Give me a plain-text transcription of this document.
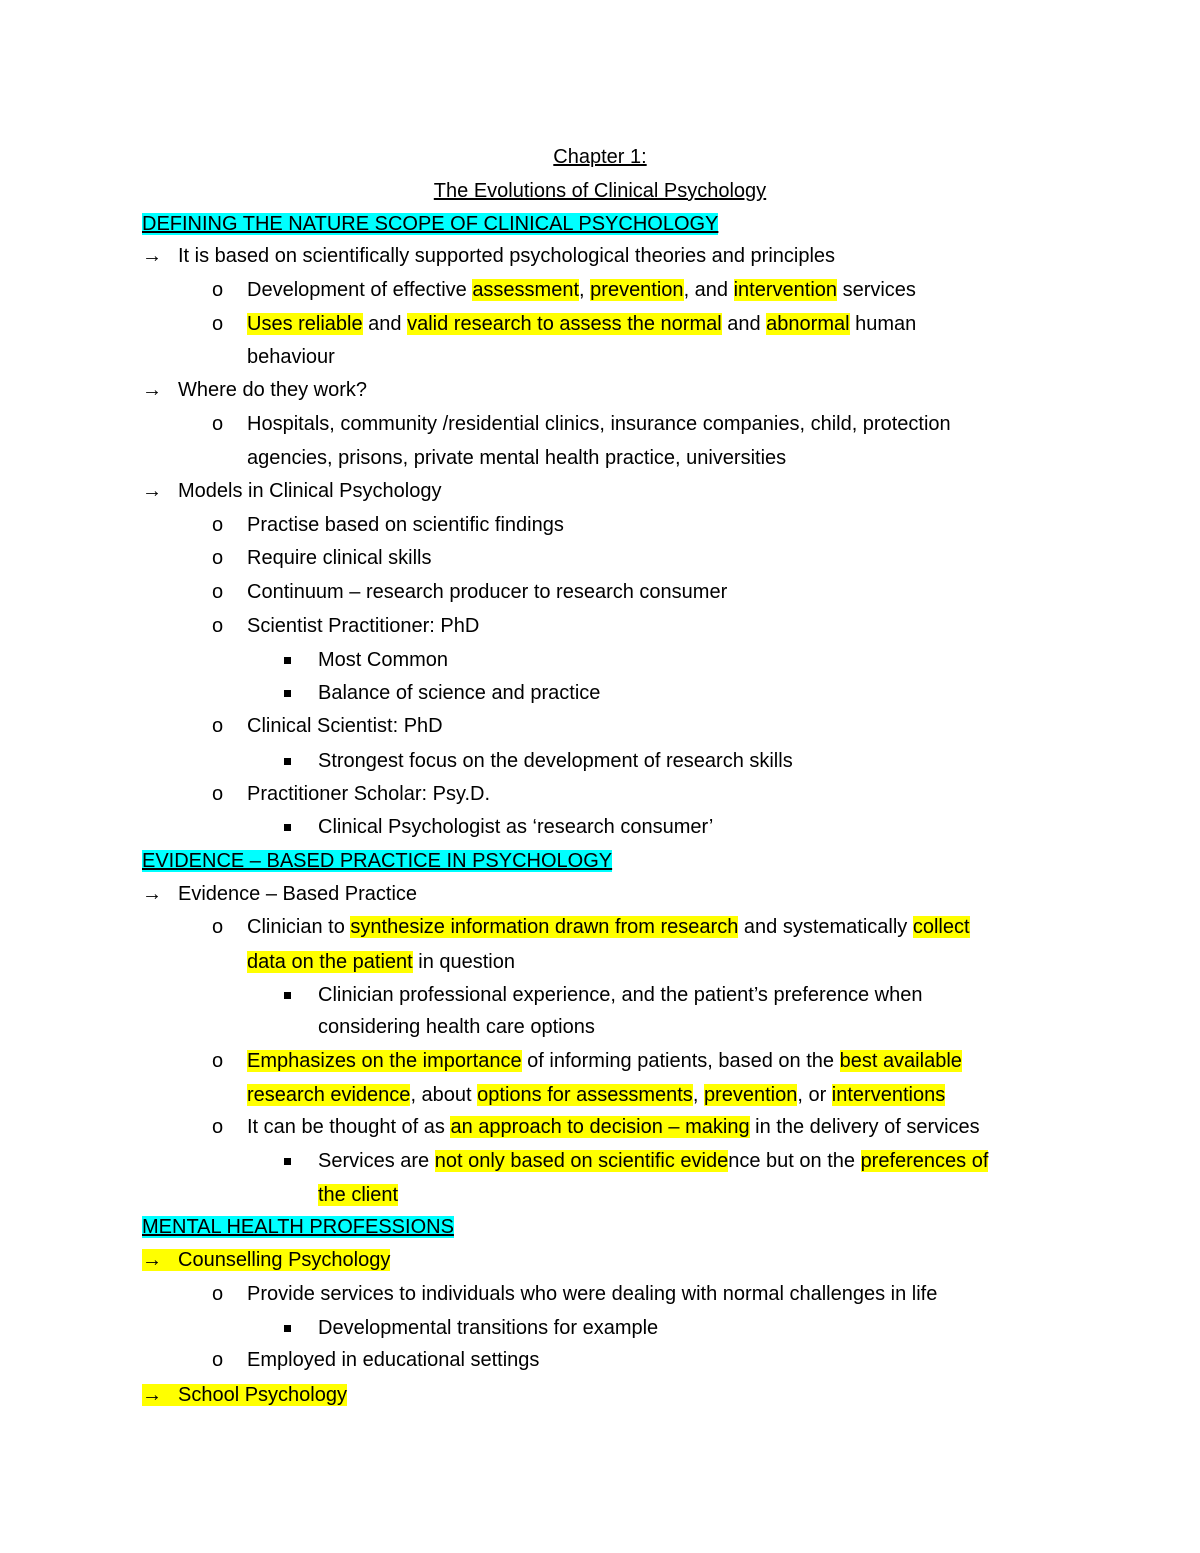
Chapter 1:
The Evolutions of Clinical Psychology
DEFINING THE NATURE SCOPE OF CLINICAL PSYCHOLOGY
→ It is based on scientifically supported psychological theories and principles
o Development of effective assessment, prevention, and intervention services
o Uses reliable and valid research to assess the normal and abnormal human
behaviour
→ Where do they work?
o Hospitals, community /residential clinics, insurance companies, child, protection
agencies, prisons, private mental health practice, universities
→ Models in Clinical Psychology
o Practise based on scientific findings
o Require clinical skills
o Continuum – research producer to research consumer
o Scientist Practitioner: PhD
Most Common
Balance of science and practice
o Clinical Scientist: PhD
Strongest focus on the development of research skills
o Practitioner Scholar: Psy.D.
Clinical Psychologist as ‘research consumer’
EVIDENCE – BASED PRACTICE IN PSYCHOLOGY
→ Evidence – Based Practice
o Clinician to synthesize information drawn from research and systematically collect
data on the patient in question
Clinician professional experience, and the patient’s preference when
considering health care options
o Emphasizes on the importance of informing patients, based on the best available
research evidence, about options for assessments, prevention, or interventions
o It can be thought of as an approach to decision – making in the delivery of services
Services are not only based on scientific evidence but on the preferences of
the client
MENTAL HEALTH PROFESSIONS
→ Counselling Psychology
o Provide services to individuals who were dealing with normal challenges in life
Developmental transitions for example
o Employed in educational settings
→ School Psychology
